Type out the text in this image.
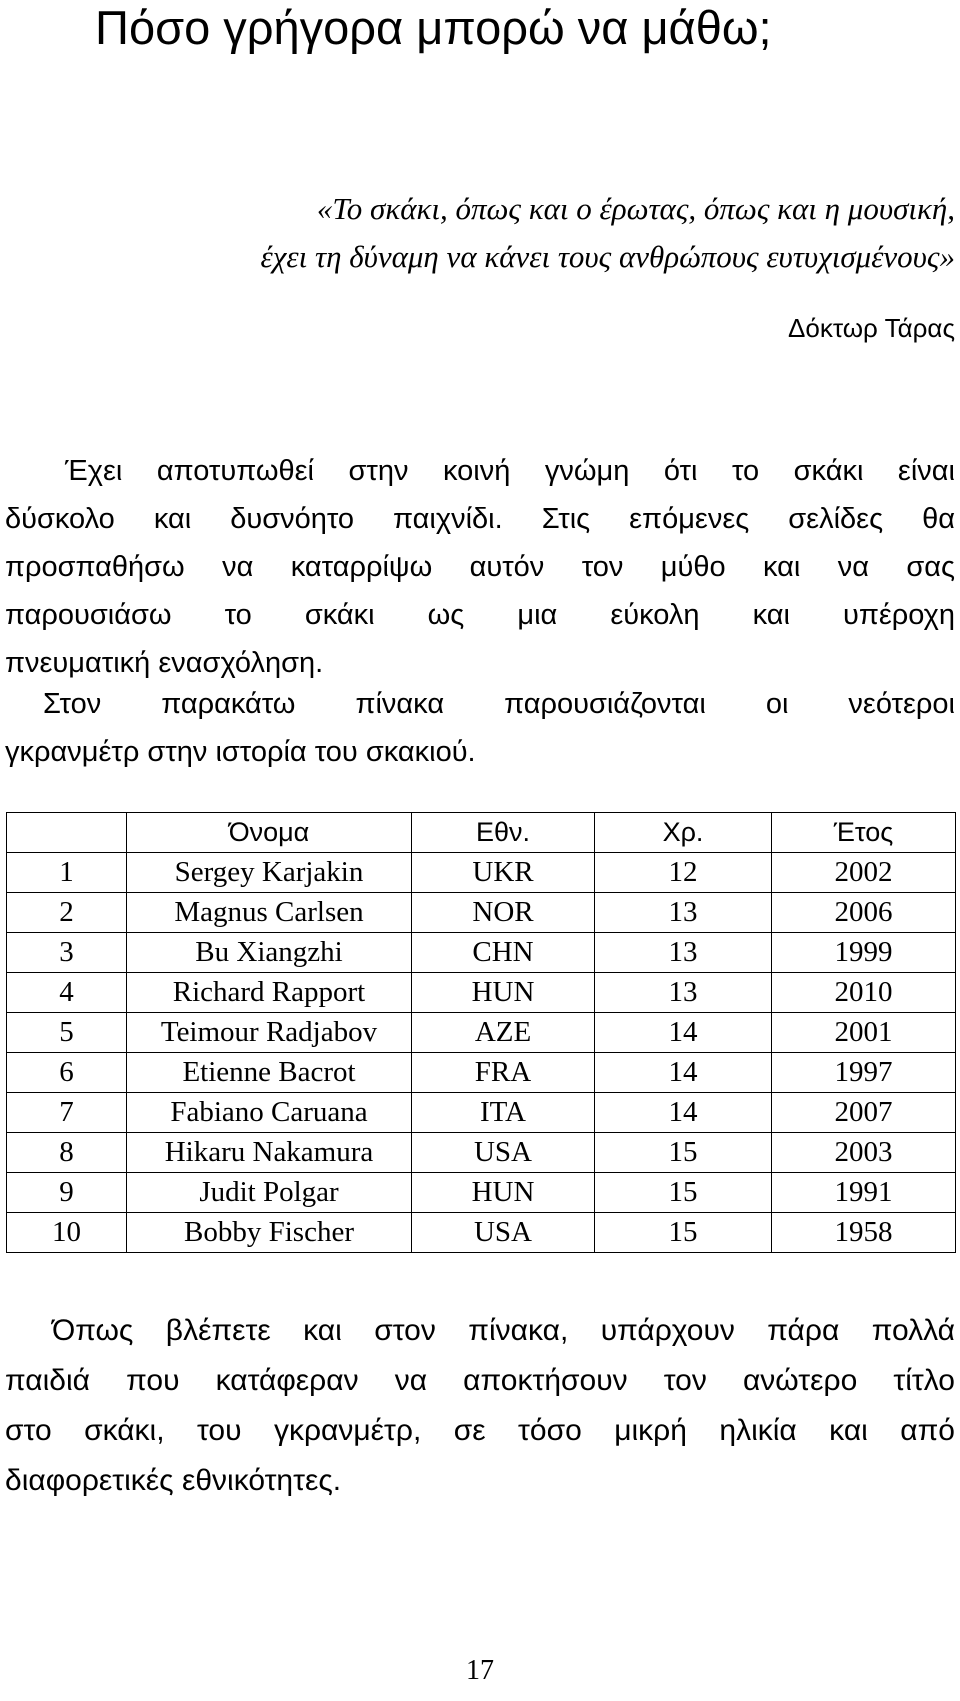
Πόσο γρήγορα μπορώ να μάθω;
«Το σκάκι, όπως και ο έρωτας, όπως και η μουσική,
έχει τη δύναμη να κάνει τους ανθρώπους ευτυχισμένους»
Δόκτωρ Τάρας

Έχει αποτυπωθεί στην κοινή γνώμη ότι το σκάκι είναι
δύσκολο και δυσνόητο παιχνίδι. Στις επόμενες σελίδες θα
προσπαθήσω να καταρρίψω αυτόν τον μύθο και να σας
παρουσιάσω το σκάκι ως μια εύκολη και υπέροχη
πνευματική ενασχόληση.

Στον παρακάτω πίνακα παρουσιάζονται οι νεότεροι
γκρανμέτρ στην ιστορία του σκακιού.

	Όνομα	Εθν.	Χρ.	Έτος
1	Sergey Karjakin	UKR	12	2002
2	Magnus Carlsen	NOR	13	2006
3	Bu Xiangzhi	CHN	13	1999
4	Richard Rapport	HUN	13	2010
5	Teimour Radjabov	AZE	14	2001
6	Etienne Bacrot	FRA	14	1997
7	Fabiano Caruana	ITA	14	2007
8	Hikaru Nakamura	USA	15	2003
9	Judit Polgar	HUN	15	1991
10	Bobby Fischer	USA	15	1958

Όπως βλέπετε και στον πίνακα, υπάρχουν πάρα πολλά
παιδιά που κατάφεραν να αποκτήσουν τον ανώτερο τίτλο
στο σκάκι, του γκρανμέτρ, σε τόσο μικρή ηλικία και από
διαφορετικές εθνικότητες.

17
